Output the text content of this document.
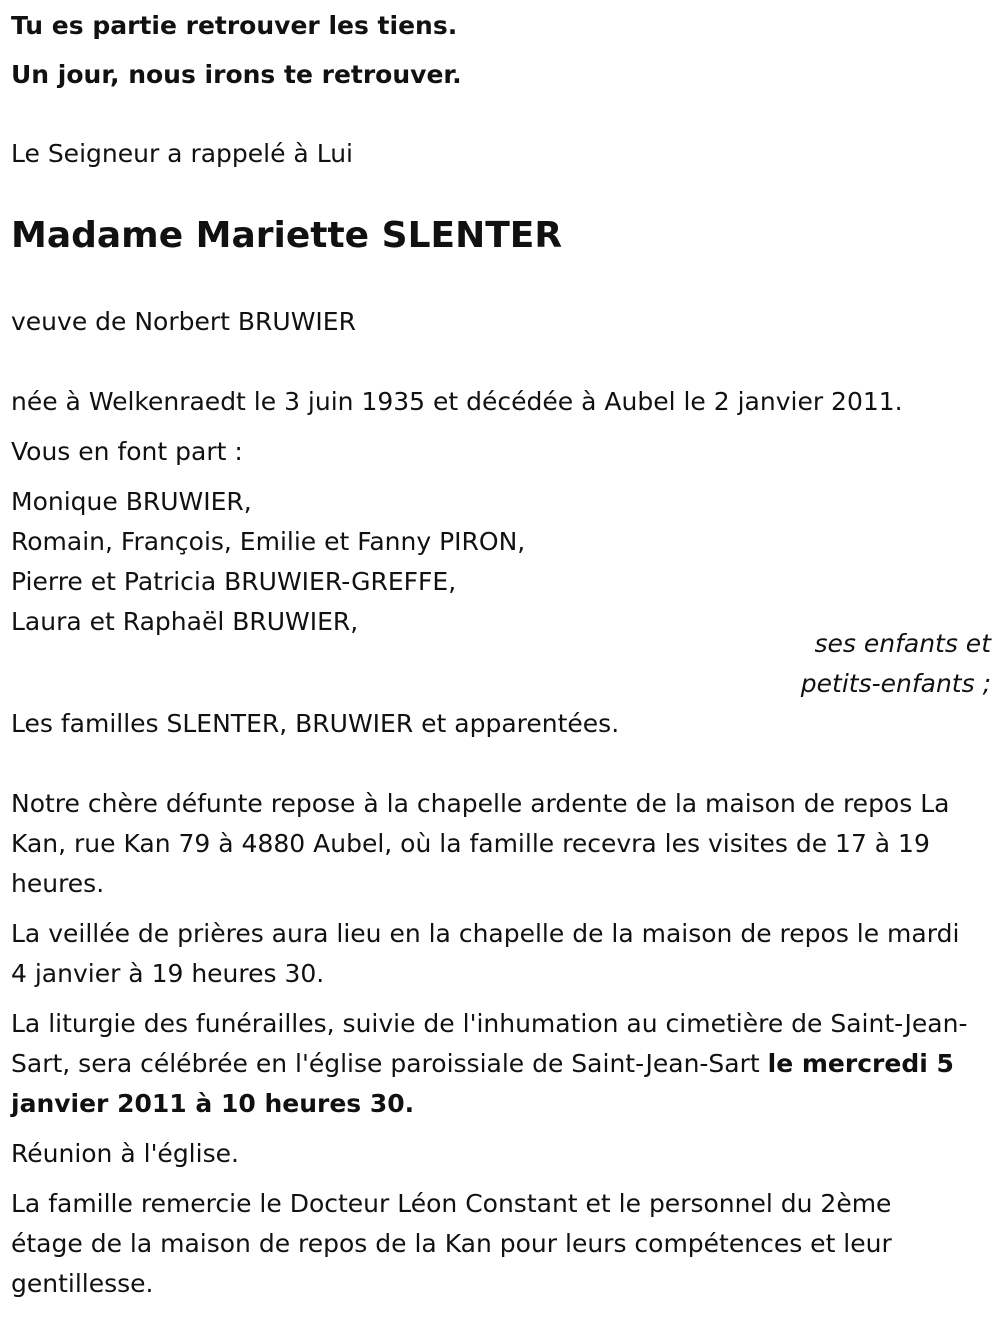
Tu es partie retrouver les tiens.

Un jour, nous irons te retrouver.

Le Seigneur a rappelé à Lui

Madame Mariette SLENTER

veuve de Norbert BRUWIER

née à Welkenraedt le 3 juin 1935 et décédée à Aubel le 2 janvier 2011.

Vous en font part :

Monique BRUWIER,
Romain, François, Emilie et Fanny PIRON,
Pierre et Patricia BRUWIER-GREFFE,
Laura et Raphaël BRUWIER,
ses enfants et
petits-enfants ;

Les familles SLENTER, BRUWIER et apparentées.

Notre chère défunte repose à la chapelle ardente de la maison de repos La Kan, rue Kan 79 à 4880 Aubel, où la famille recevra les visites de 17 à 19 heures.

La veillée de prières aura lieu en la chapelle de la maison de repos le mardi 4 janvier à 19 heures 30.

La liturgie des funérailles, suivie de l'inhumation au cimetière de Saint-Jean-Sart, sera célébrée en l'église paroissiale de Saint-Jean-Sart le mercredi 5 janvier 2011 à 10 heures 30.

Réunion à l'église.

La famille remercie le Docteur Léon Constant et le personnel du 2ème étage de la maison de repos de la Kan pour leurs compétences et leur gentillesse.
